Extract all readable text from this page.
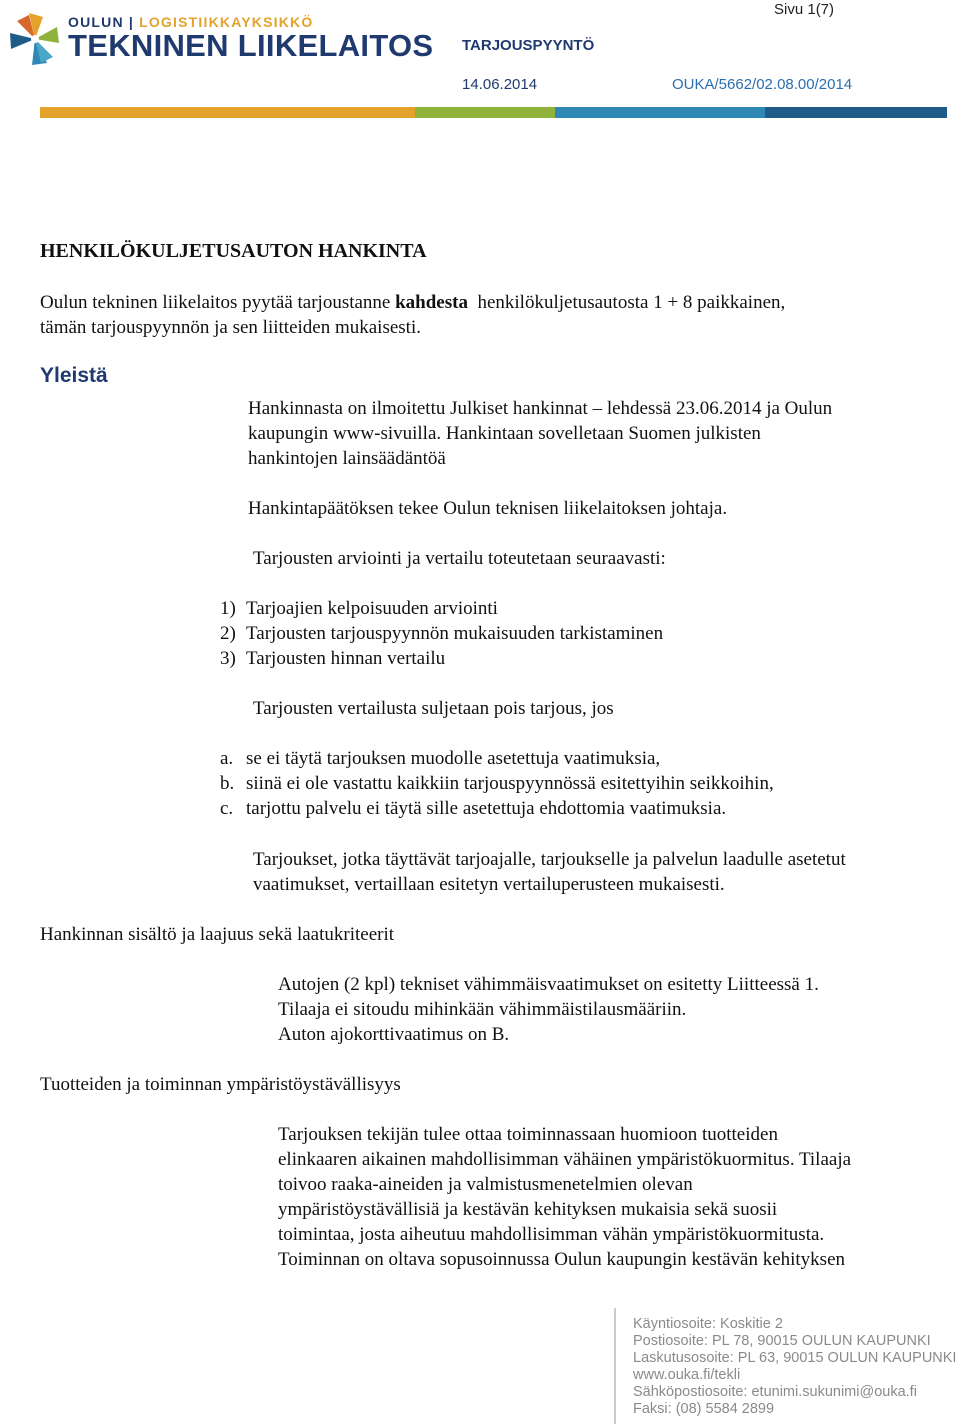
OULUN | LOGISTIIKKAYKSIKKÖ
TEKNINEN LIIKELAITOS TARJOUSPYYNTÖ
Sivu 1(7)
14.06.2014	OUKA/5662/02.08.00/2014
HENKILÖKULJETUSAUTON HANKINTA
Oulun tekninen liikelaitos pyytää tarjoustanne kahdesta  henkilökuljetusautosta 1 + 8 paikkainen,
tämän tarjouspyynnön ja sen liitteiden mukaisesti.
Yleistä
Hankinnasta on ilmoitettu Julkiset hankinnat – lehdessä 23.06.2014 ja Oulun
kaupungin www-sivuilla. Hankintaan sovelletaan Suomen julkisten
hankintojen lainsäädäntöä
Hankintapäätöksen tekee Oulun teknisen liikelaitoksen johtaja.
Tarjousten arviointi ja vertailu toteutetaan seuraavasti:
1) Tarjoajien kelpoisuuden arviointi
2) Tarjousten tarjouspyynnön mukaisuuden tarkistaminen
3) Tarjousten hinnan vertailu
Tarjousten vertailusta suljetaan pois tarjous, jos
a. se ei täytä tarjouksen muodolle asetettuja vaatimuksia,
b. siinä ei ole vastattu kaikkiin tarjouspyynnössä esitettyihin seikkoihin,
c. tarjottu palvelu ei täytä sille asetettuja ehdottomia vaatimuksia.
Tarjoukset, jotka täyttävät tarjoajalle, tarjoukselle ja palvelun laadulle asetetut
vaatimukset, vertaillaan esitetyn vertailuperusteen mukaisesti.
Hankinnan sisältö ja laajuus sekä laatukriteerit
Autojen (2 kpl) tekniset vähimmäisvaatimukset on esitetty Liitteessä 1.
Tilaaja ei sitoudu mihinkään vähimmäistilausmääriin.
Auton ajokorttivaatimus on B.
Tuotteiden ja toiminnan ympäristöystävällisyys
Tarjouksen tekijän tulee ottaa toiminnassaan huomioon tuotteiden
elinkaaren aikainen mahdollisimman vähäinen ympäristökuormitus. Tilaaja
toivoo raaka-aineiden ja valmistusmenetelmien olevan
ympäristöystävällisiä ja kestävän kehityksen mukaisia sekä suosii
toimintaa, josta aiheutuu mahdollisimman vähän ympäristökuormitusta.
Toiminnan on oltava sopusoinnussa Oulun kaupungin kestävän kehityksen
Käyntiosoite: Koskitie 2
Postiosoite: PL 78, 90015 OULUN KAUPUNKI
Laskutusosoite: PL 63, 90015 OULUN KAUPUNKI
www.ouka.fi/tekli
Sähköpostiosoite: etunimi.sukunimi@ouka.fi
Faksi: (08) 5584 2899
